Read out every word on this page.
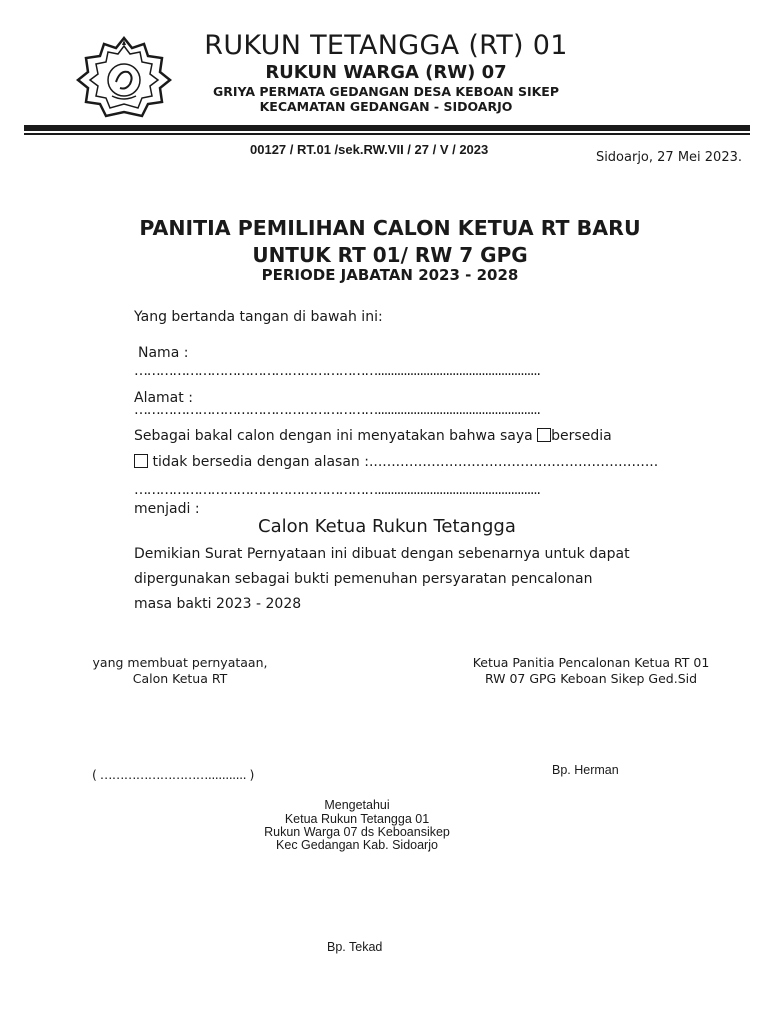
RUKUN TETANGGA (RT) 01
RUKUN WARGA (RW) 07
GRIYA PERMATA GEDANGAN DESA KEBOAN SIKEP
KECAMATAN GEDANGAN - SIDOARJO
00127 / RT.01 /sek.RW.VII / 27 / V / 2023
Sidoarjo, 27 Mei 2023.
PANITIA PEMILIHAN CALON KETUA RT BARU
UNTUK RT 01/ RW 7 GPG
PERIODE JABATAN 2023 - 2028
Yang bertanda tangan di bawah ini:
Nama :
…………………………………………………..................................................
Alamat :
…………………………………………………..................................................
Sebagai bakal calon dengan ini menyatakan bahwa saya bersedia
tidak bersedia dengan alasan :.................................................................
…………………………………………………..................................................
menjadi :
Calon Ketua Rukun Tetangga
Demikian Surat Pernyataan ini dibuat dengan sebenarnya untuk dapat
dipergunakan sebagai bukti pemenuhan persyaratan pencalonan
masa bakti 2023 - 2028
yang membuat pernyataan,
Calon Ketua RT
( ………………………........... )
Ketua Panitia Pencalonan Ketua RT 01
RW 07 GPG Keboan Sikep Ged.Sid
Bp. Herman
Mengetahui
Ketua Rukun Tetangga 01
Rukun Warga 07 ds Keboansikep
Kec Gedangan Kab. Sidoarjo
Bp. Tekad
